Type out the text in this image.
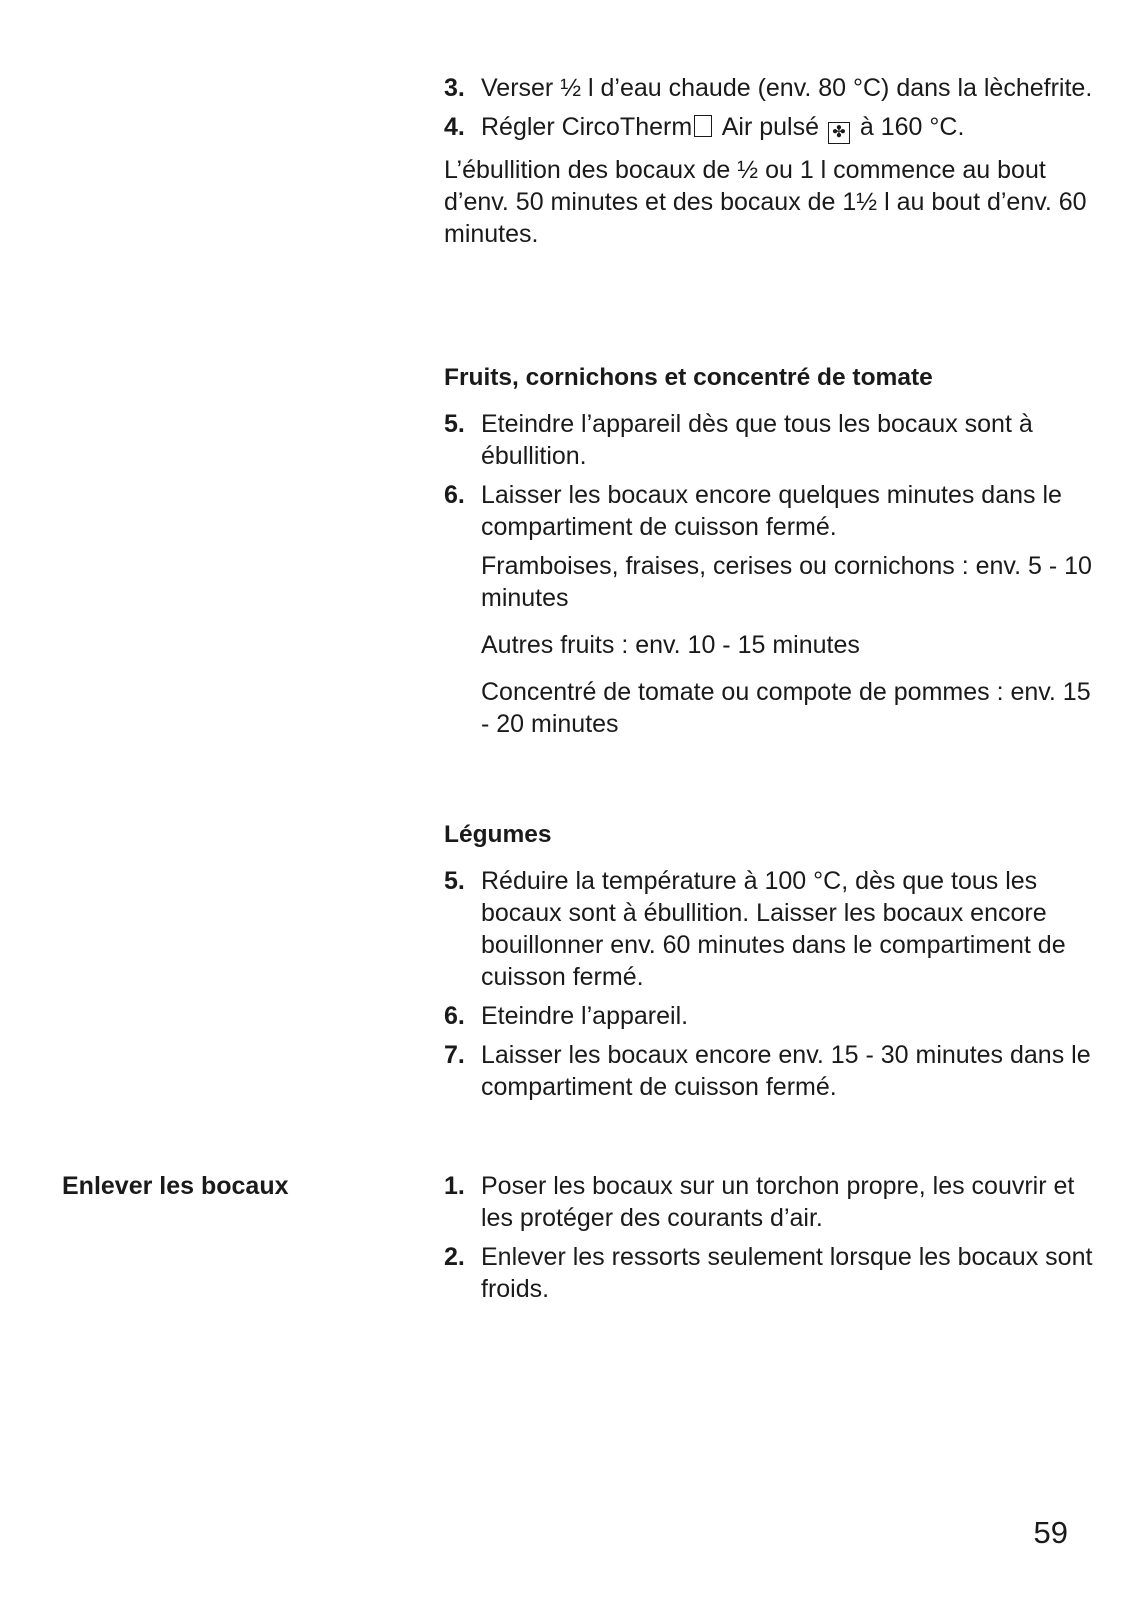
3. Verser ½ l d’eau chaude (env. 80 °C) dans la lèchefrite.
4. Régler CircoTherm Air pulsé ✤ à 160 °C.
L’ébullition des bocaux de ½ ou 1 l commence au bout d’env. 50 minutes et des bocaux de 1½ l au bout d’env. 60 minutes.
Fruits, cornichons et concentré de tomate
5. Eteindre l’appareil dès que tous les bocaux sont à ébullition.
6. Laisser les bocaux encore quelques minutes dans le compartiment de cuisson fermé.
Framboises, fraises, cerises ou cornichons : env. 5 - 10 minutes
Autres fruits : env. 10 - 15 minutes
Concentré de tomate ou compote de pommes : env. 15 - 20 minutes
Légumes
5. Réduire la température à 100 °C, dès que tous les bocaux sont à ébullition. Laisser les bocaux encore bouillonner env. 60 minutes dans le compartiment de cuisson fermé.
6. Eteindre l’appareil.
7. Laisser les bocaux encore env. 15 - 30 minutes dans le compartiment de cuisson fermé.
Enlever les bocaux	1. Poser les bocaux sur un torchon propre, les couvrir et les protéger des courants d’air.
2. Enlever les ressorts seulement lorsque les bocaux sont froids.
59
